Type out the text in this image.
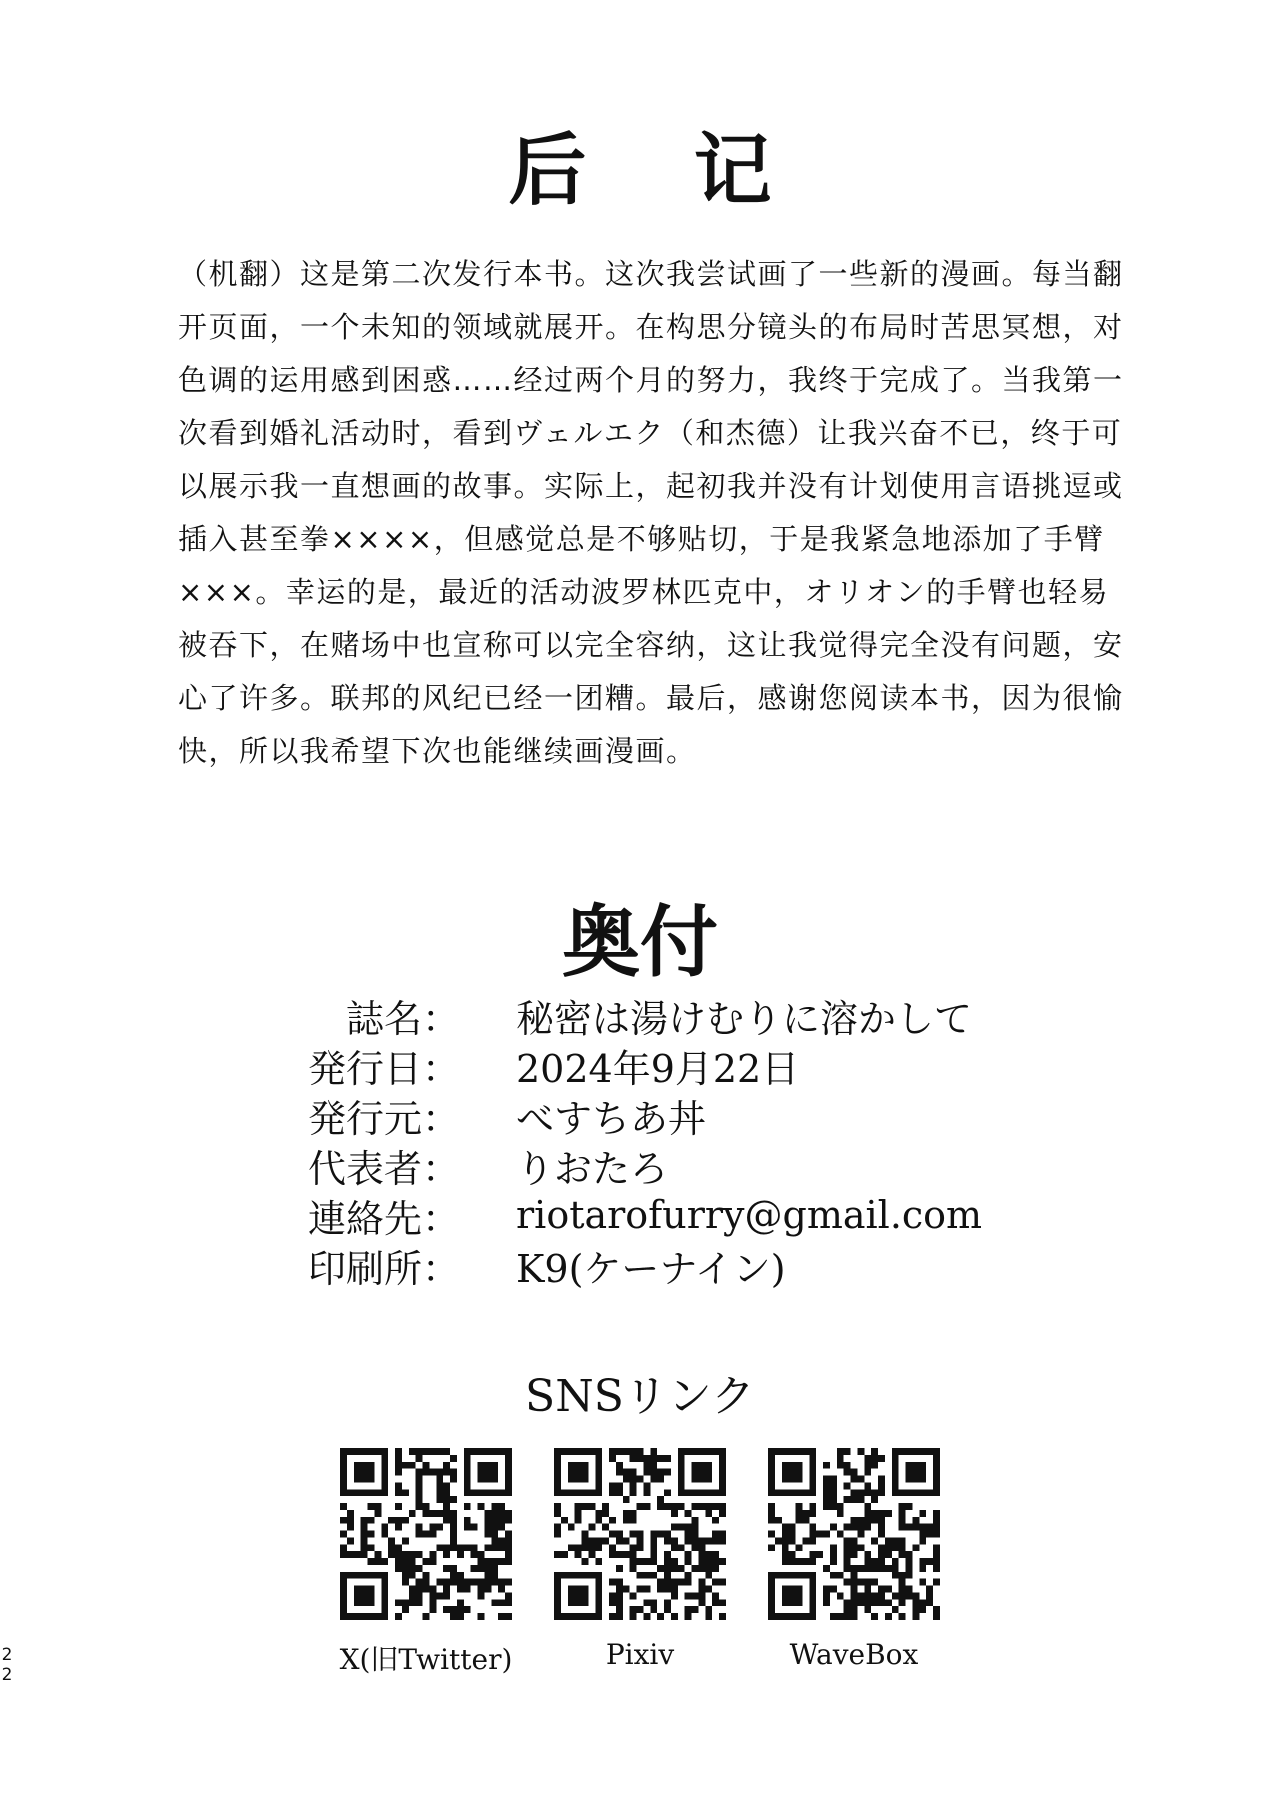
后 记
（机翻）这是第二次发行本书。这次我尝试画了一些新的漫画。每当翻
开页面，一个未知的领域就展开。在构思分镜头的布局时苦思冥想，对
色调的运用感到困惑……经过两个月的努力，我终于完成了。当我第一
次看到婚礼活动时，看到ヴェルエク（和杰德）让我兴奋不已，终于可
以展示我一直想画的故事。实际上，起初我并没有计划使用言语挑逗或
插入甚至拳××××，但感觉总是不够贴切，于是我紧急地添加了手臂
×××。幸运的是，最近的活动波罗林匹克中，オリオン的手臂也轻易
被吞下，在赌场中也宣称可以完全容纳，这让我觉得完全没有问题，安
心了许多。联邦的风纪已经一团糟。最后，感谢您阅读本书，因为很愉
快，所以我希望下次也能继续画漫画。
奥付
誌名： 秘密は湯けむりに溶かして
発行日： 2024年9月22日
発行元： べすちあ丼
代表者： りおたろ
連絡先： riotarofurry@gmail.com
印刷所： K9(ケーナイン)
SNSリンク
X(旧Twitter)	Pixiv	WaveBox
2
2
